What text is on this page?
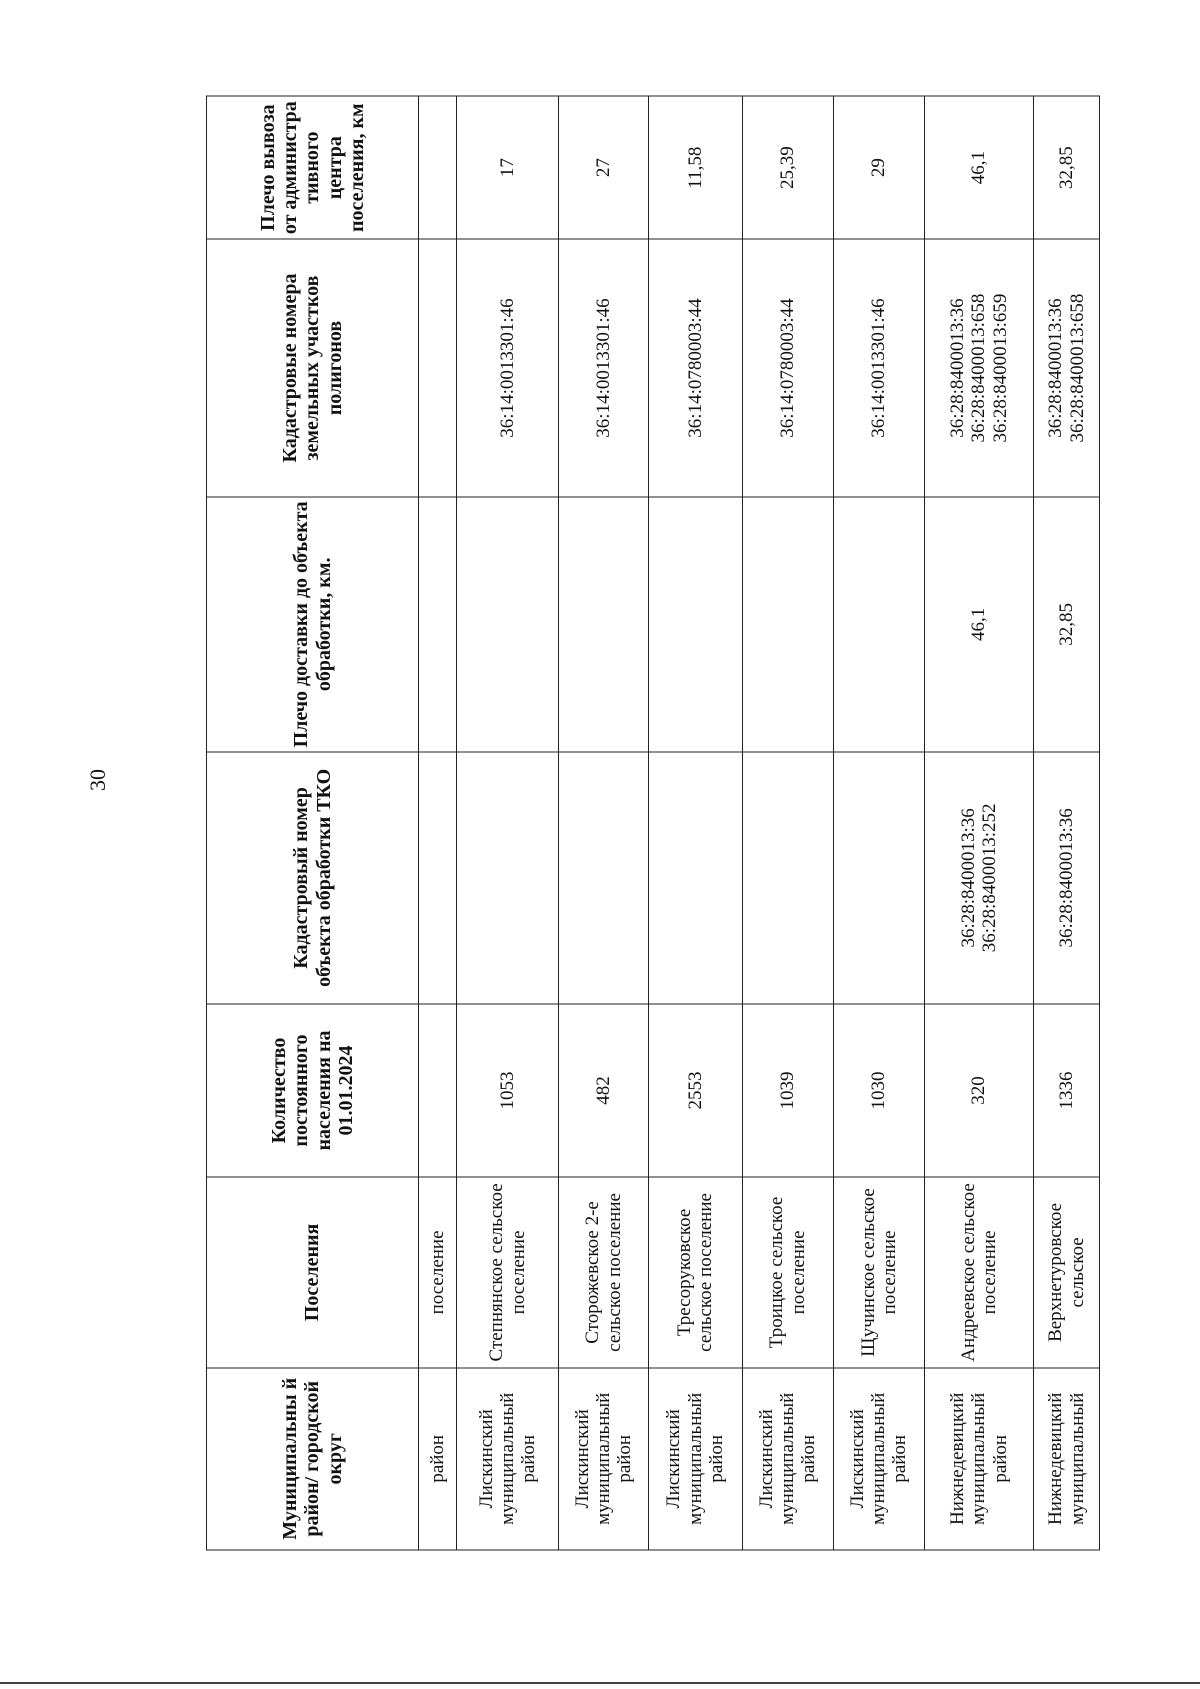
30
Муниципальны й район/ городской округ	Поселения	Количество постоянного населения на 01.01.2024	Кадастровый номер объекта обработки ТКО	Плечо доставки до объекта обработки, км.	Кадастровые номера земельных участков полигонов	Плечо вывоза от администра тивного центра поселения, км
район	поселение					
Лискинский муниципальный район	Степнянское сельское поселение	1053			36:14:0013301:46	17
Лискинский муниципальный район	Сторожевское 2-е сельское поселение	482			36:14:0013301:46	27
Лискинский муниципальный район	Тресоруковское сельское поселение	2553			36:14:0780003:44	11,58
Лискинский муниципальный район	Троицкое сельское поселение	1039			36:14:0780003:44	25,39
Лискинский муниципальный район	Щучинское сельское поселение	1030			36:14:0013301:46	29
Нижнедевицкий муниципальный район	Андреевское сельское поселение	320	36:28:8400013:36 36:28:8400013:252	46,1	36:28:8400013:36 36:28:8400013:658 36:28:8400013:659	46,1
Нижнедевицкий муниципальный	Верхнетуровское сельское	1336	36:28:8400013:36	32,85	36:28:8400013:36 36:28:8400013:658	32,85
